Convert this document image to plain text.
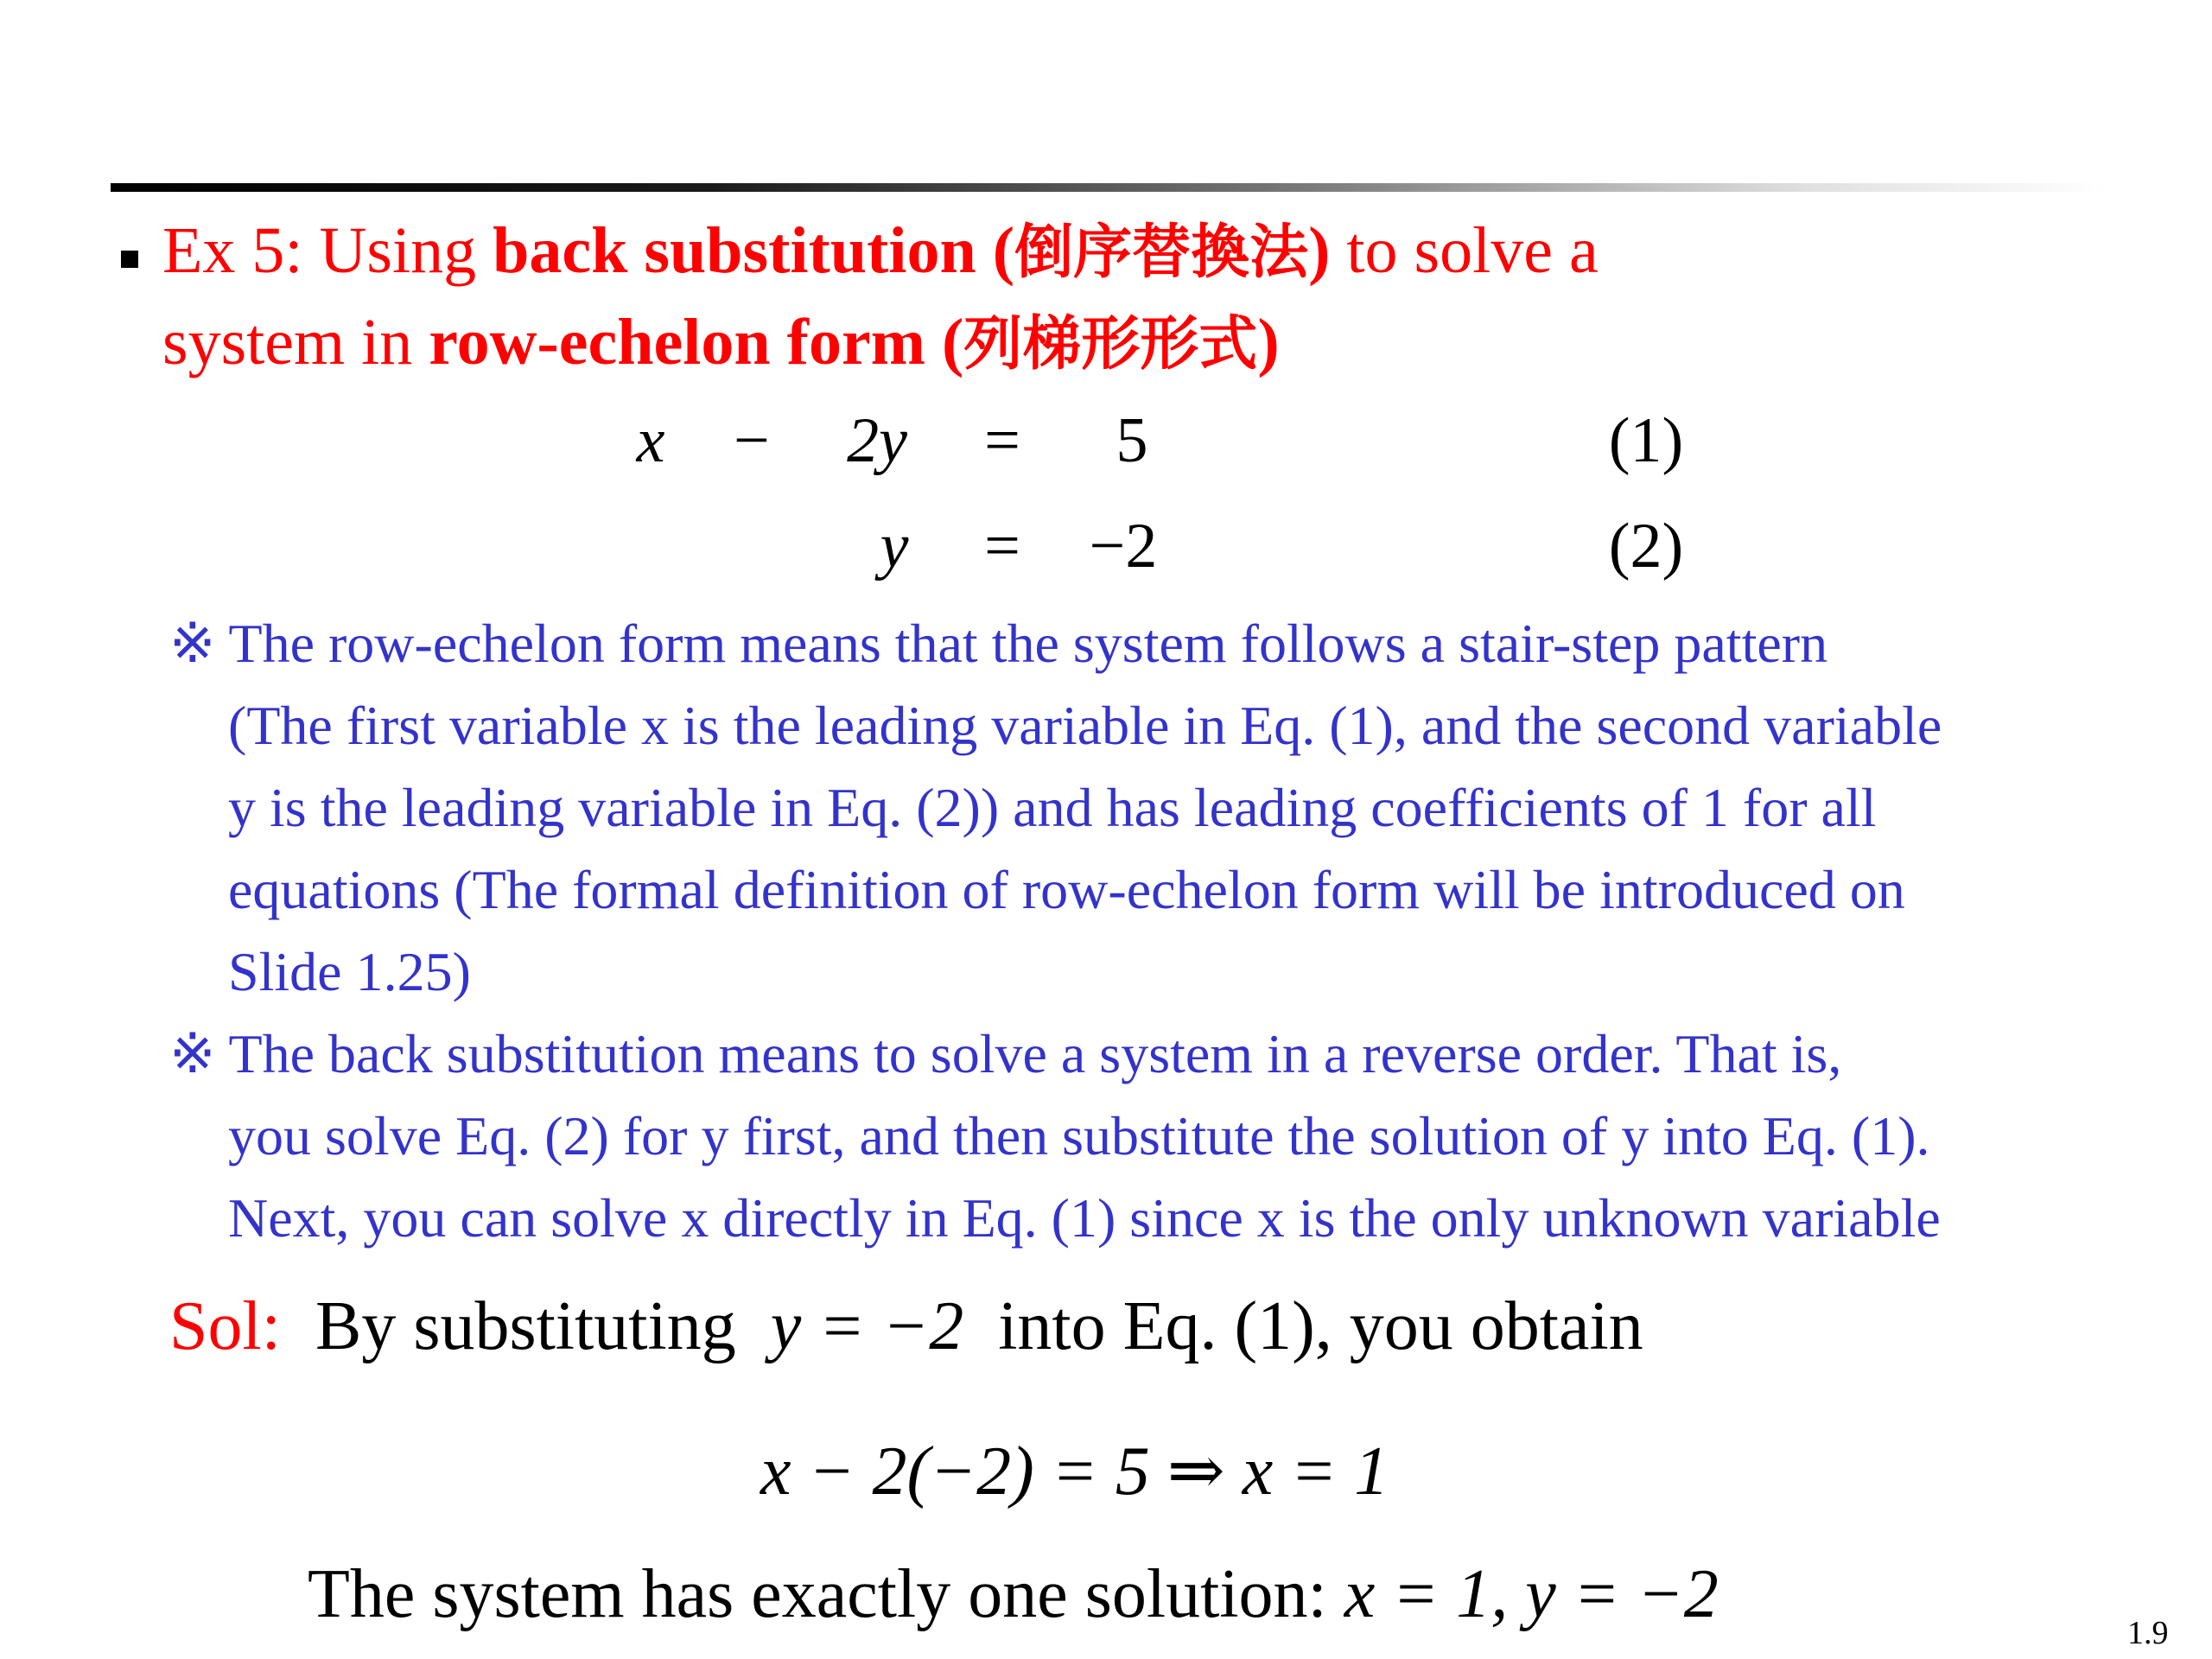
Ex 5: Using back substitution (倒序替換法) to solve a
system in row-echelon form (列梯形形式)
x − 2y =	5	(1)
y = −2	(2)
※ The row-echelon form means that the system follows a stair-step pattern
(The first variable x is the leading variable in Eq. (1), and the second variable
y is the leading variable in Eq. (2)) and has leading coefficients of 1 for all
equations (The formal definition of row-echelon form will be introduced on
Slide 1.25)
※ The back substitution means to solve a system in a reverse order. That is,
you solve Eq. (2) for y first, and then substitute the solution of y into Eq. (1).
Next, you can solve x directly in Eq. (1) since x is the only unknown variable
Sol: By substituting y = −2 into Eq. (1), you obtain
x − 2(−2) = 5 ⇒ x = 1
The system has exactly one solution: x = 1, y = −2
1.9
